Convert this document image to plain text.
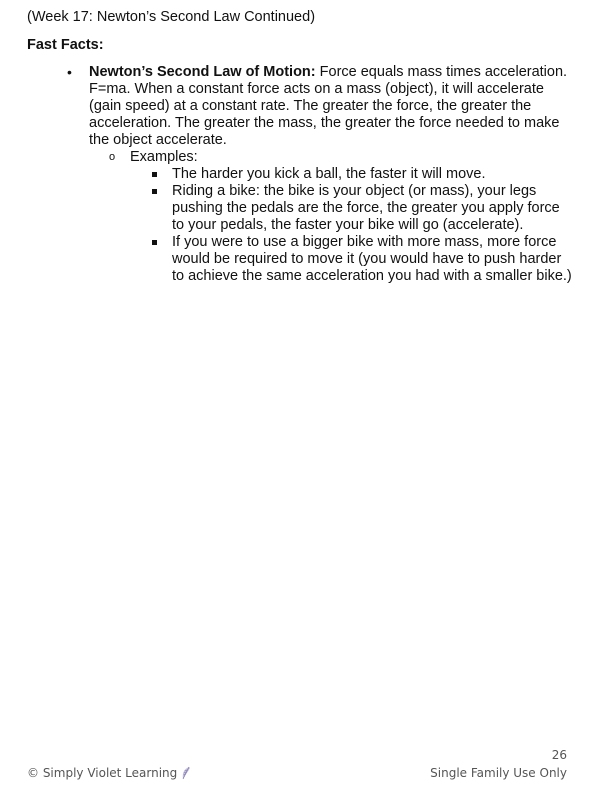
(Week 17: Newton’s Second Law Continued)
Fast Facts:
• Newton’s Second Law of Motion: Force equals mass times acceleration. F=ma. When a constant force acts on a mass (object), it will accelerate (gain speed) at a constant rate. The greater the force, the greater the acceleration. The greater the mass, the greater the force needed to make the object accelerate.
o Examples:
The harder you kick a ball, the faster it will move.
Riding a bike: the bike is your object (or mass), your legs pushing the pedals are the force, the greater you apply force to your pedals, the faster your bike will go (accelerate).
If you were to use a bigger bike with more mass, more force would be required to move it (you would have to push harder to achieve the same acceleration you had with a smaller bike.)
26
© Simply Violet Learning	Single Family Use Only
